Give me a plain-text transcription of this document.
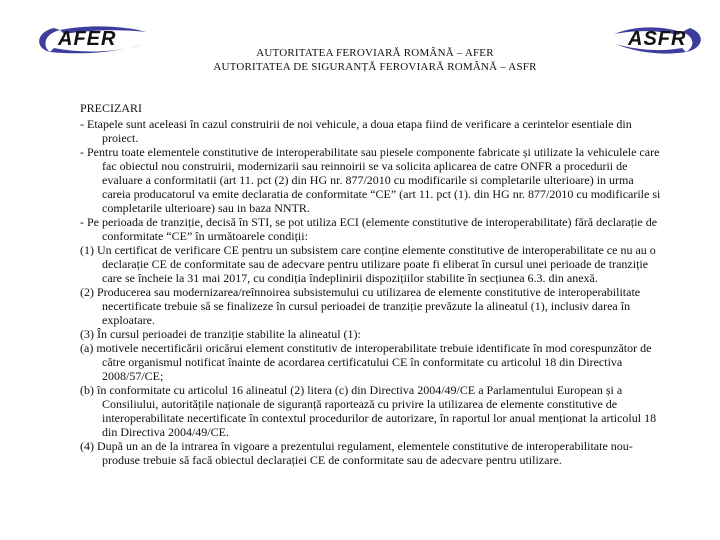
AFER	ASFR
AUTORITATEA FEROVIARĂ ROMÂNĂ – AFER
AUTORITATEA DE SIGURANȚĂ FEROVIARĂ ROMÂNĂ – ASFR
PRECIZARI

- Etapele sunt aceleasi în cazul construirii de noi vehicule, a doua etapa fiind de verificare a cerintelor esentiale din proiect.

- Pentru toate elementele constitutive de interoperabilitate sau piesele componente fabricate și utilizate la vehiculele care fac obiectul nou construirii, modernizarii sau reinnoirii se va solicita aplicarea de catre ONFR a procedurii de evaluare a conformitatii (art 11. pct (2) din HG nr. 877/2010 cu modificarile si completarile ulterioare) in urma careia producatorul va emite declaratia de conformitate “CE” (art 11. pct (1). din HG nr. 877/2010 cu modificarile si completarile ulterioare) sau in baza NNTR.

- Pe perioada de tranziție, decisă în STI, se pot utiliza ECI (elemente constitutive de interoperabilitate) fără declarație de conformitate “CE” în următoarele condiții:

(1) Un certificat de verificare CE pentru un subsistem care conține elemente constitutive de interoperabilitate ce nu au o declarație CE de conformitate sau de adecvare pentru utilizare poate fi eliberat în cursul unei perioade de tranziție care se încheie la 31 mai 2017, cu condiția îndeplinirii dispozițiilor stabilite în secțiunea 6.3. din anexă.

(2) Producerea sau modernizarea/reînnoirea subsistemului cu utilizarea de elemente constitutive de interoperabilitate necertificate trebuie să se finalizeze în cursul perioadei de tranziție prevăzute la alineatul (1), inclusiv darea în exploatare.

(3) În cursul perioadei de tranziție stabilite la alineatul (1):

(a) motivele necertificării oricărui element constitutiv de interoperabilitate trebuie identificate în mod corespunzător de către organismul notificat înainte de acordarea certificatului CE în conformitate cu articolul 18 din Directiva 2008/57/CE;

(b) în conformitate cu articolul 16 alineatul (2) litera (c) din Directiva 2004/49/CE a Parlamentului European și a Consiliului, autoritățile naționale de siguranță raportează cu privire la utilizarea de elemente constitutive de interoperabilitate necertificate în contextul procedurilor de autorizare, în raportul lor anual menționat la articolul 18 din Directiva 2004/49/CE.

(4) După un an de la intrarea în vigoare a prezentului regulament, elementele constitutive de interoperabilitate nou-produse trebuie să facă obiectul declarației CE de conformitate sau de adecvare pentru utilizare.
